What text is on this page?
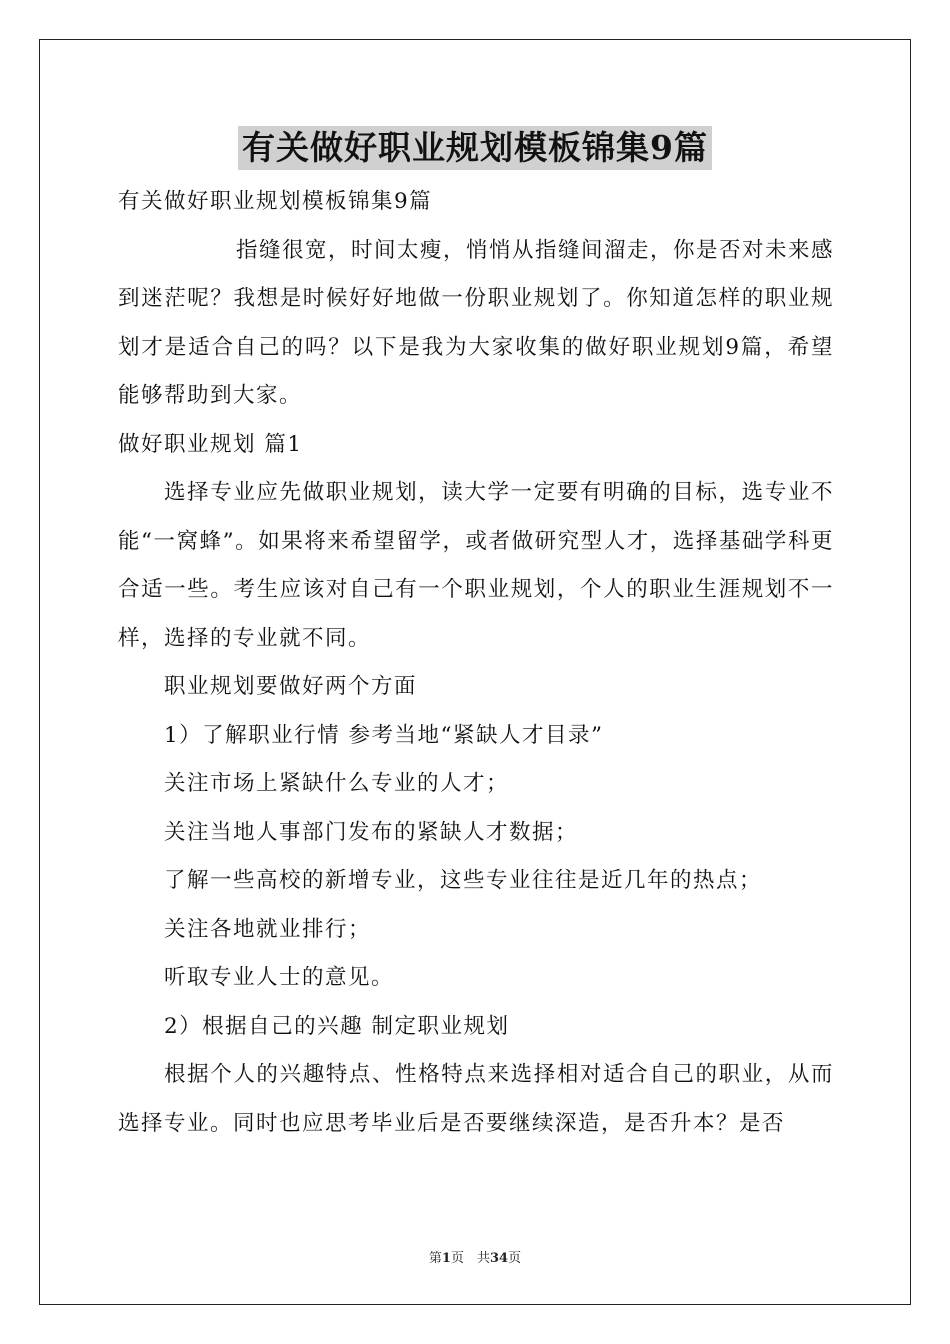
有关做好职业规划模板锦集9篇
有关做好职业规划模板锦集9篇
指缝很宽，时间太瘦，悄悄从指缝间溜走，你是否对未来感到迷茫呢？我想是时候好好地做一份职业规划了。你知道怎样的职业规划才是适合自己的吗？以下是我为大家收集的做好职业规划9篇，希望能够帮助到大家。
做好职业规划 篇1
选择专业应先做职业规划，读大学一定要有明确的目标，选专业不能“一窝蜂”。如果将来希望留学，或者做研究型人才，选择基础学科更合适一些。考生应该对自己有一个职业规划，个人的职业生涯规划不一样，选择的专业就不同。
职业规划要做好两个方面
1）了解职业行情 参考当地“紧缺人才目录”
关注市场上紧缺什么专业的人才；
关注当地人事部门发布的紧缺人才数据；
了解一些高校的新增专业，这些专业往往是近几年的热点；
关注各地就业排行；
听取专业人士的意见。
2）根据自己的兴趣 制定职业规划
根据个人的兴趣特点、性格特点来选择相对适合自己的职业，从而选择专业。同时也应思考毕业后是否要继续深造，是否升本？是否
第1页　共34页
